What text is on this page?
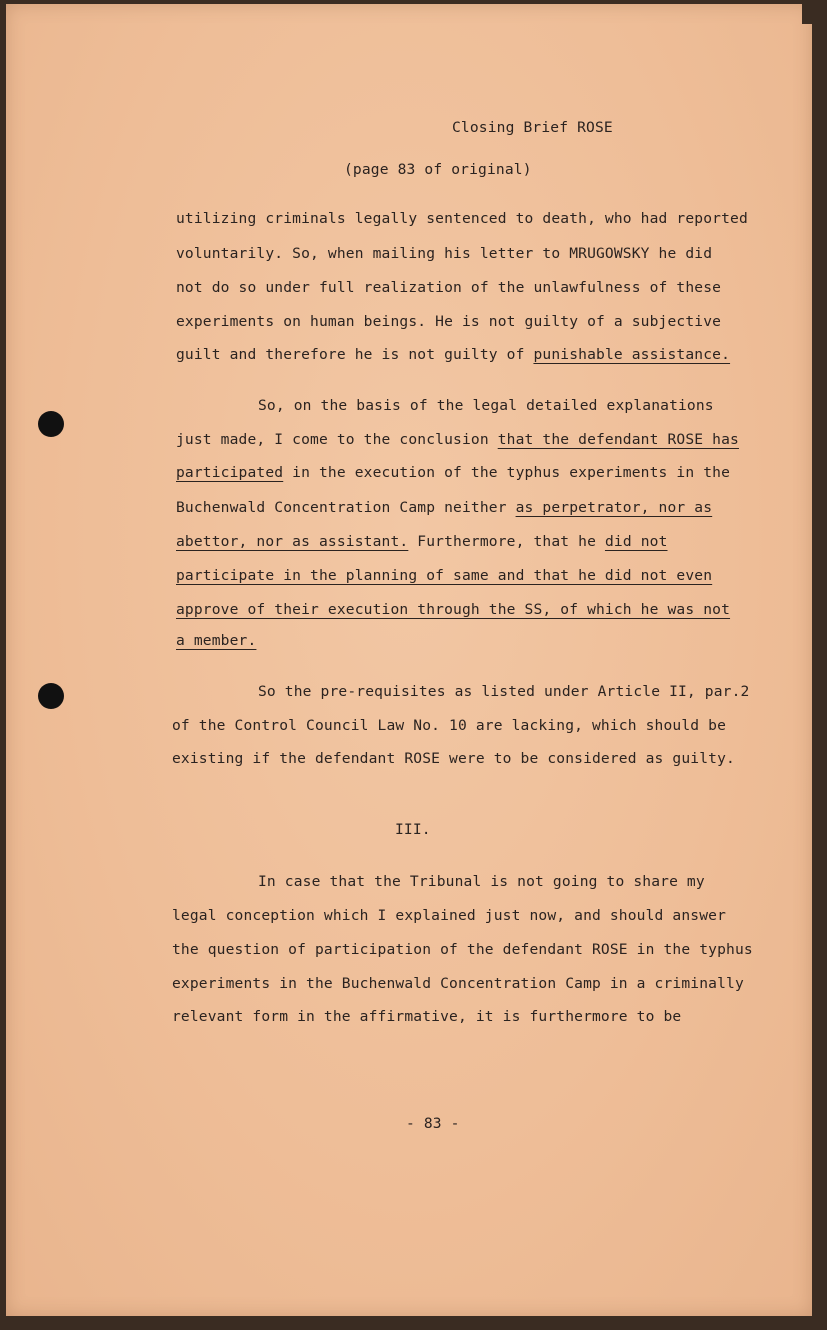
Closing Brief ROSE

(page 83 of original)

utilizing criminals legally sentenced to death, who had reported

voluntarily. So, when mailing his letter to MRUGOWSKY he did

not do so under full realization of the unlawfulness of these

experiments on human beings. He is not guilty of a subjective

guilt and therefore he is not guilty of punishable assistance.

So, on the basis of the legal detailed explanations

just made, I come to the conclusion that the defendant ROSE has

participated in the execution of the typhus experiments in the

Buchenwald Concentration Camp neither as perpetrator, nor as

abettor, nor as assistant. Furthermore, that he did not

participate in the planning of same and that he did not even

approve of their execution through the SS, of which he was not

a member.

So the pre-requisites as listed under Article II, par.2

of the Control Council Law No. 10 are lacking, which should be

existing if the defendant ROSE were to be considered as guilty.

III.

In case that the Tribunal is not going to share my

legal conception which I explained just now, and should answer

the question of participation of the defendant ROSE in the typhus

experiments in the Buchenwald Concentration Camp in a criminally

relevant form in the affirmative, it is furthermore to be

- 83 -
